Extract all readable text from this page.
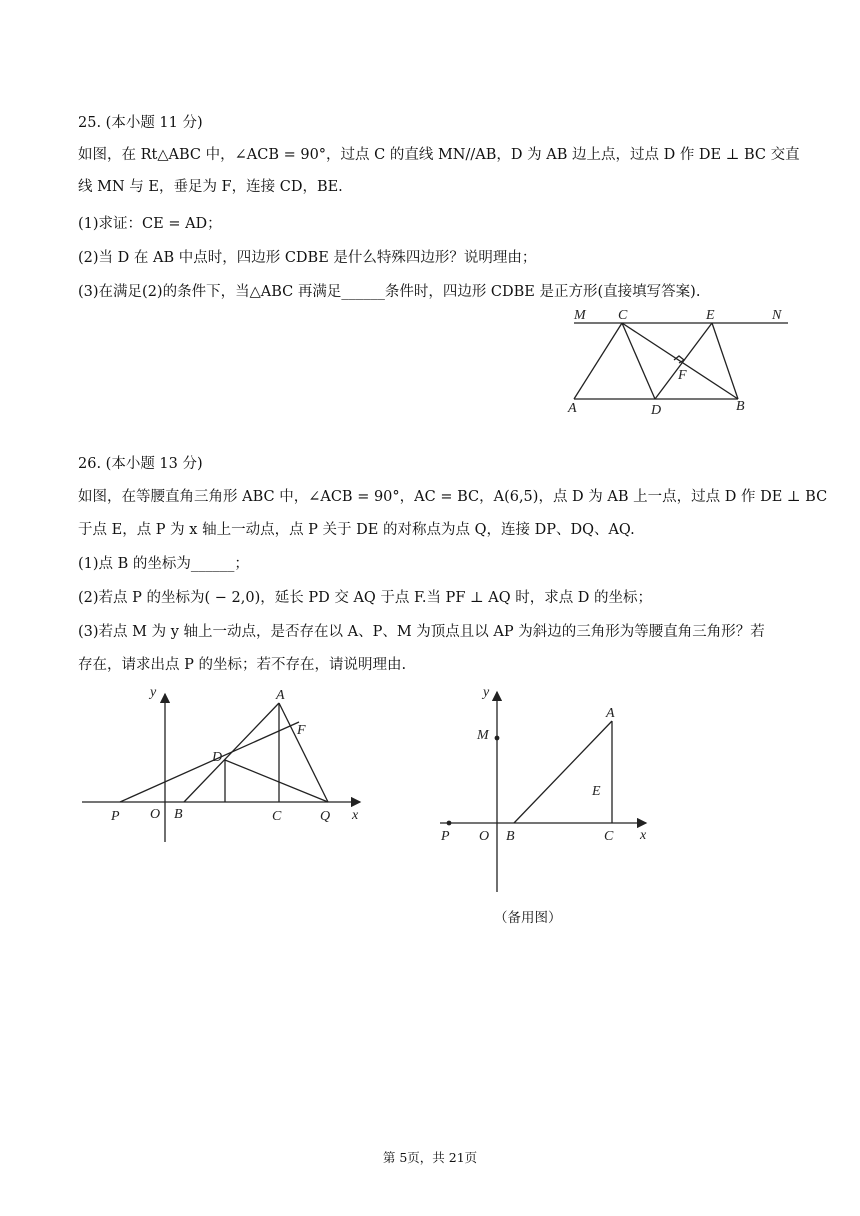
25. (本小题 11 分)
如图，在 Rt△ABC 中，∠ACB = 90°，过点 C 的直线 MN//AB，D 为 AB 边上点，过点 D 作 DE ⊥ BC 交直
线 MN 与 E，垂足为 F，连接 CD，BE.
(1)求证：CE = AD；
(2)当 D 在 AB 中点时，四边形 CDBE 是什么特殊四边形？说明理由；
(3)在满足(2)的条件下，当△ABC 再满足______条件时，四边形 CDBE 是正方形(直接填写答案).
M C	E	N
F
A	D	B
26. (本小题 13 分)
如图，在等腰直角三角形 ABC 中，∠ACB = 90°，AC = BC，A(6,5)，点 D 为 AB 上一点，过点 D 作 DE ⊥ BC
于点 E，点 P 为 x 轴上一动点，点 P 关于 DE 的对称点为点 Q，连接 DP、DQ、AQ.
(1)点 B 的坐标为______；
(2)若点 P 的坐标为( − 2,0)，延长 PD 交 AQ 于点 F.当 PF ⊥ AQ 时，求点 D 的坐标；
(3)若点 M 为 y 轴上一动点，是否存在以 A、P、M 为顶点且以 AP 为斜边的三角形为等腰直角三角形？若
存在，请求出点 P 的坐标；若不存在，请说明理由.
y
x
A
F
D
P O B	C	Q
y
x
M
A
E
P O B	C
（备用图）
第 5页，共 21页
